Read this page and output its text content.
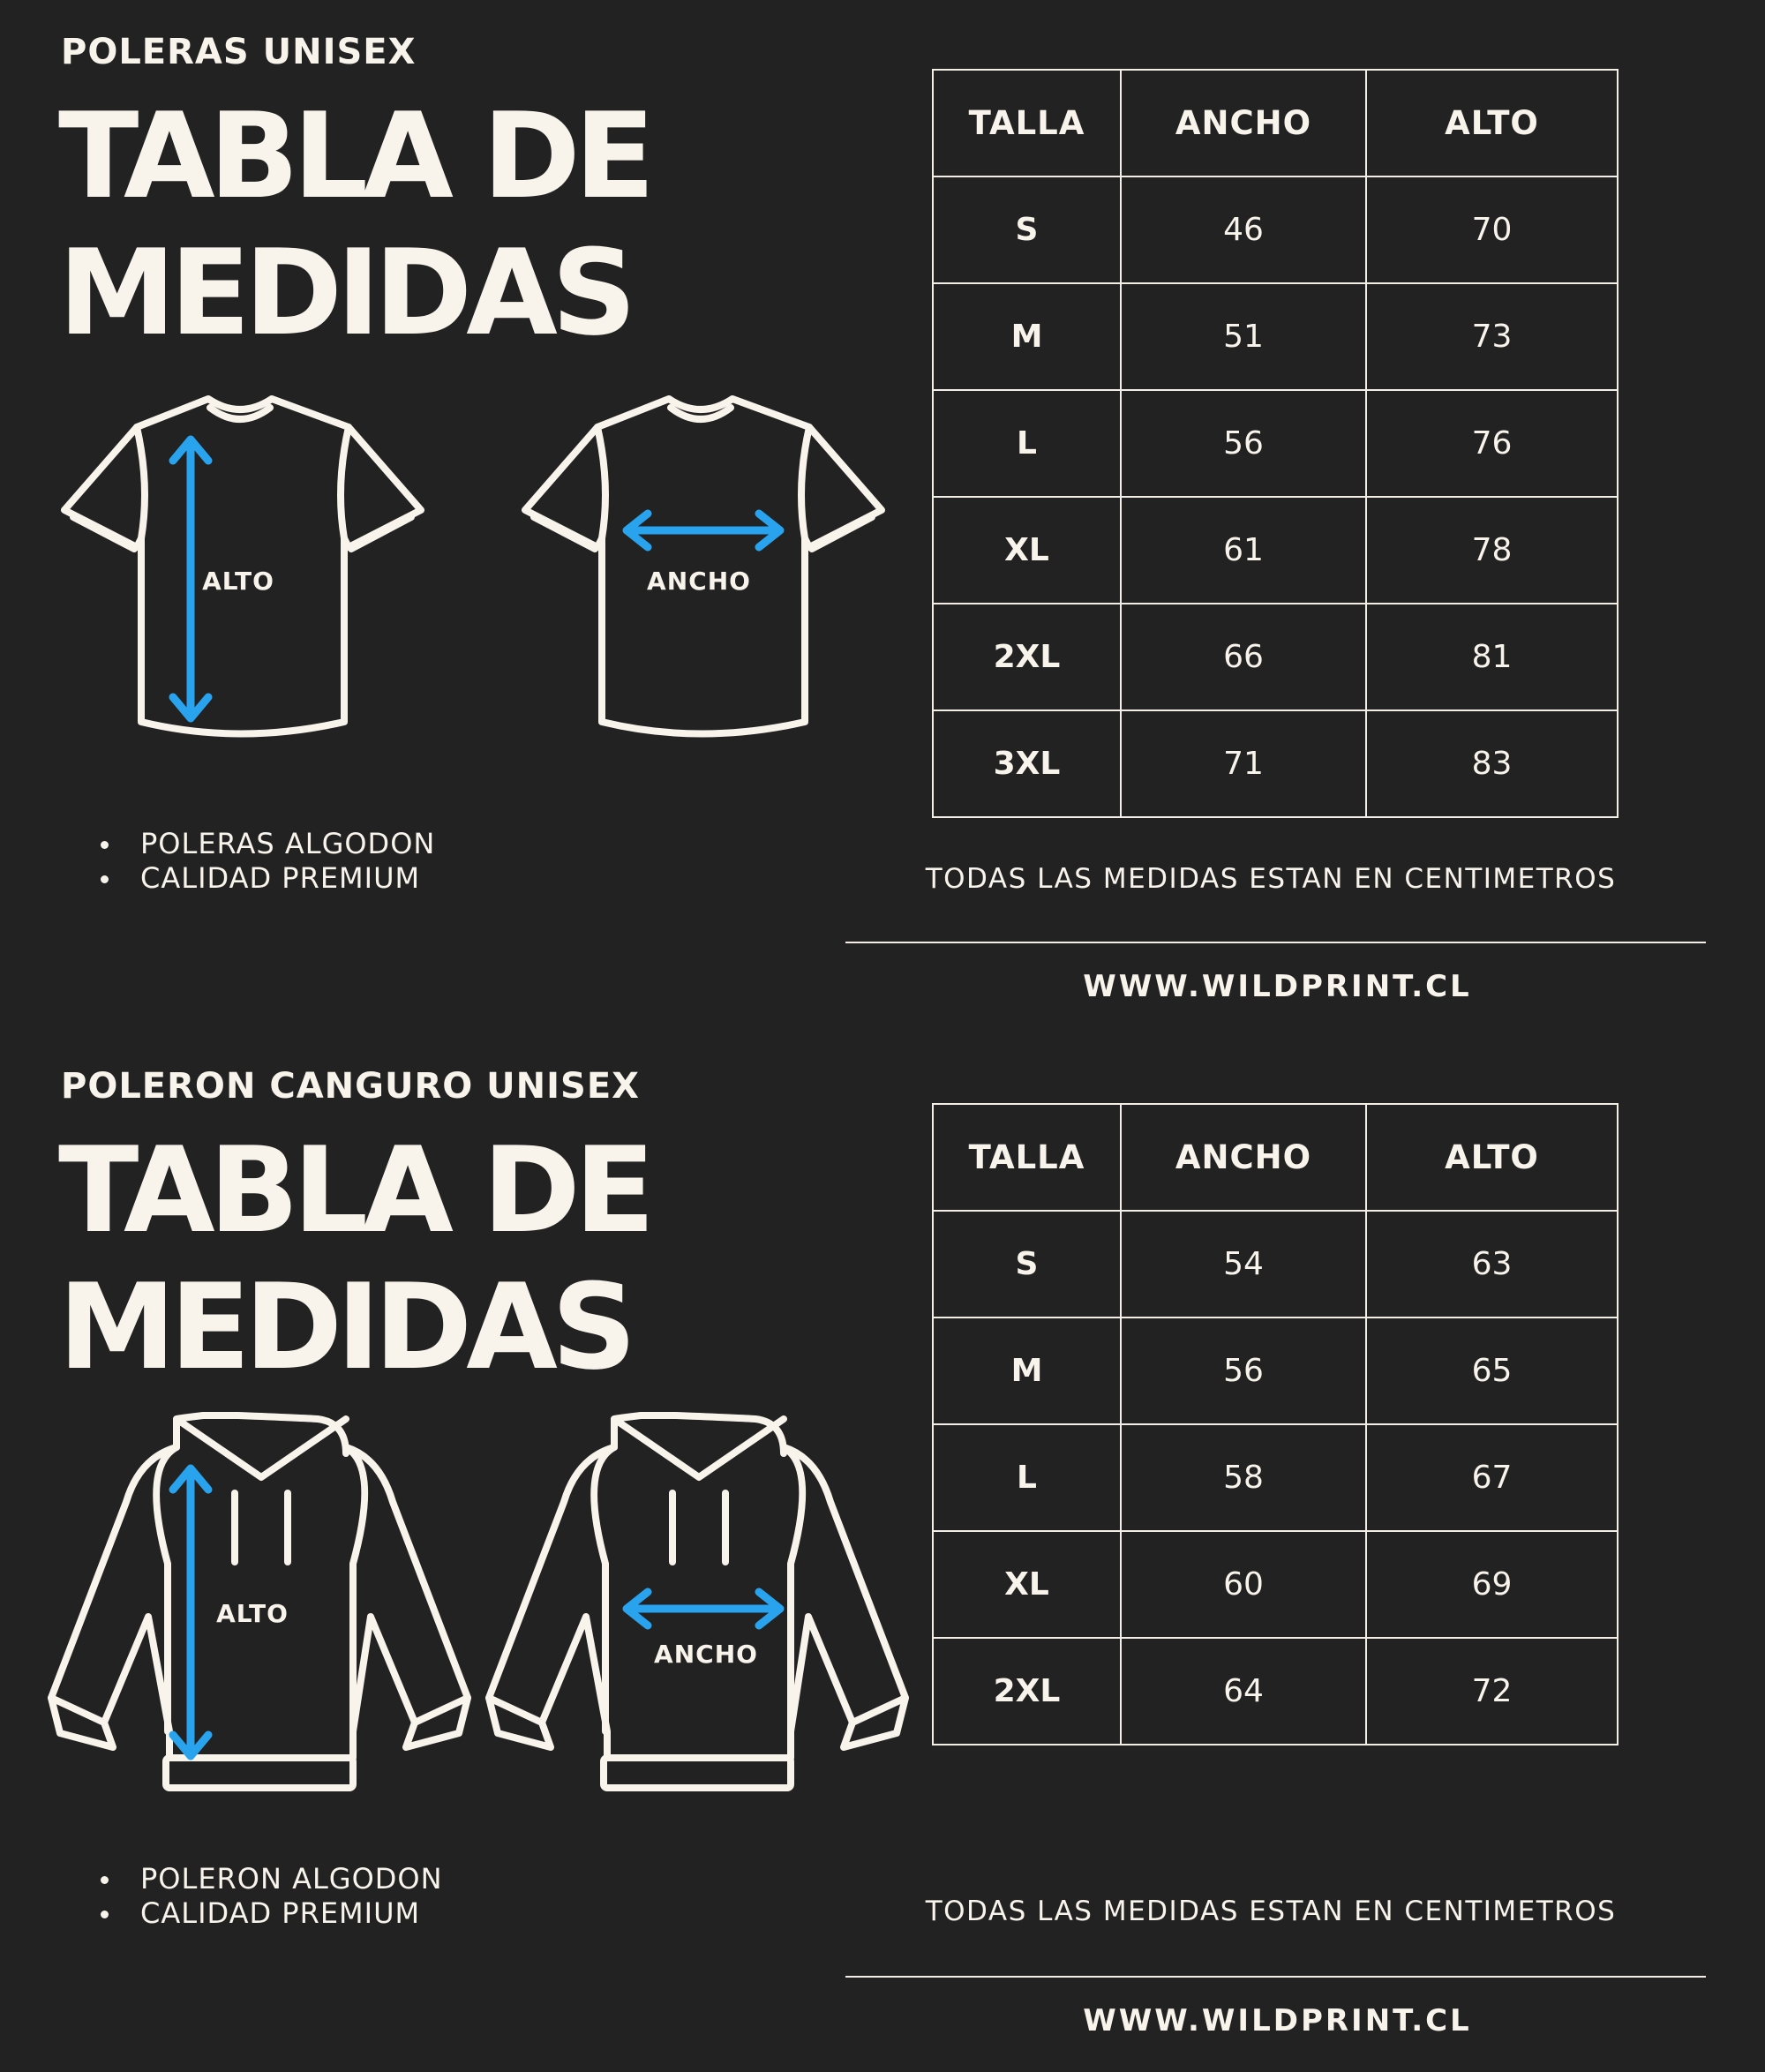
POLERAS UNISEX
TABLA DE
MEDIDAS
ALTO	ANCHO
POLERAS ALGODON
CALIDAD PREMIUM
TALLA	ANCHO	ALTO
S	46	70
M	51	73
L	56	76
XL	61	78
2XL	66	81
3XL	71	83
TODAS LAS MEDIDAS ESTAN EN CENTIMETROS
WWW.WILDPRINT.CL
POLERON CANGURO UNISEX
TABLA DE
MEDIDAS
ALTO
ANCHO
POLERON ALGODON
CALIDAD PREMIUM
TALLA	ANCHO	ALTO
S	54	63
M	56	65
L	58	67
XL	60	69
2XL	64	72
TODAS LAS MEDIDAS ESTAN EN CENTIMETROS
WWW.WILDPRINT.CL
